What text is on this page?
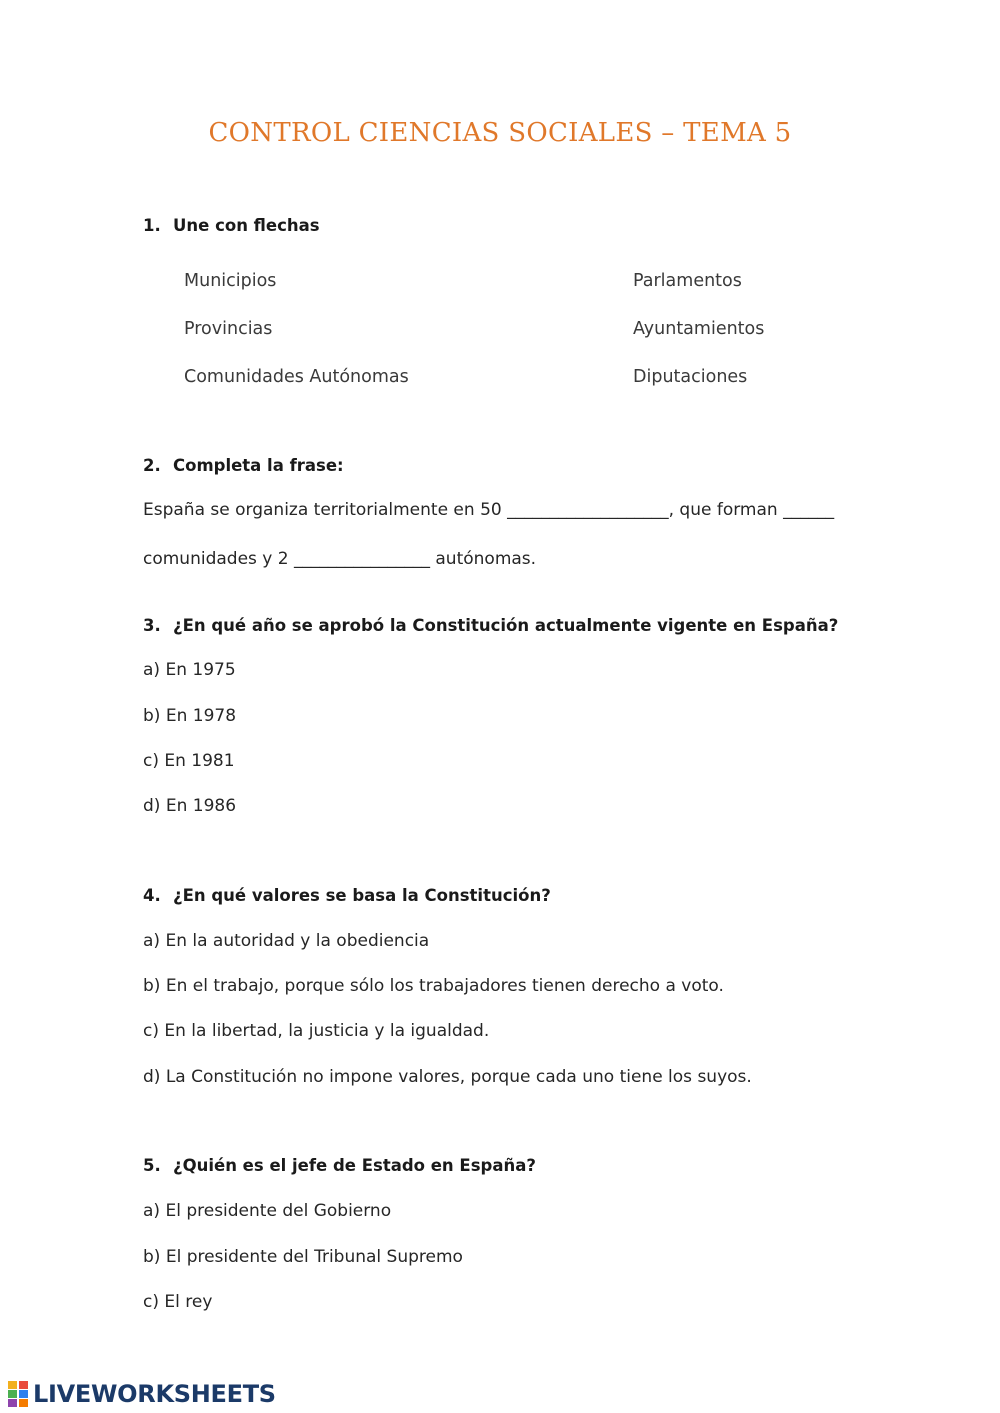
CONTROL CIENCIAS SOCIALES – TEMA 5
1. Une con flechas
Municipios
Provincias
Comunidades Autónomas
Parlamentos
Ayuntamientos
Diputaciones
2. Completa la frase:
España se organiza territorialmente en 50 ___________________, que forman ______
comunidades y 2 ________________ autónomas.
3. ¿En qué año se aprobó la Constitución actualmente vigente en España?
a) En 1975
b) En 1978
c) En 1981
d) En 1986
4. ¿En qué valores se basa la Constitución?
a) En la autoridad y la obediencia
b) En el trabajo, porque sólo los trabajadores tienen derecho a voto.
c) En la libertad, la justicia y la igualdad.
d) La Constitución no impone valores, porque cada uno tiene los suyos.
5. ¿Quién es el jefe de Estado en España?
a) El presidente del Gobierno
b) El presidente del Tribunal Supremo
c) El rey
LIVEWORKSHEETS
